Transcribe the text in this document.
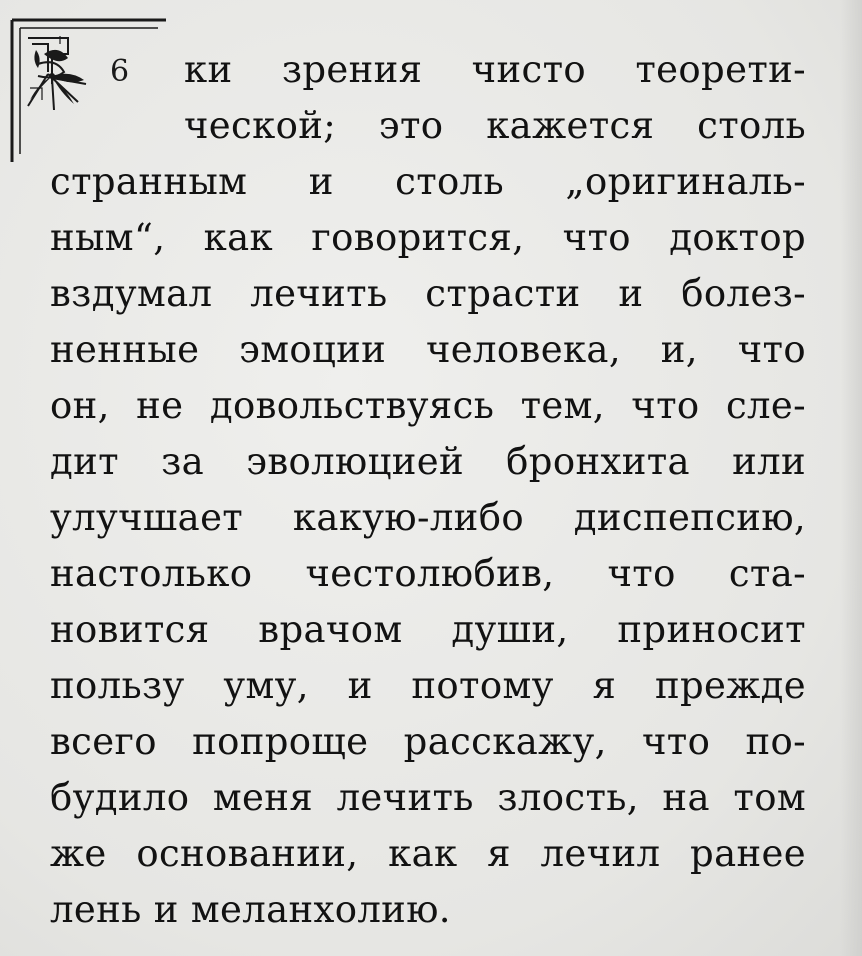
6 ки зрения чисто теорети-
ческой; это кажется столь
странным и столь „оригиналь-
ным“, как говорится, что доктор
вздумал лечить страсти и болез-
ненные эмоции человека, и, что
он, не довольствуясь тем, что сле-
дит за эволюцией бронхита или
улучшает какую-либо диспепсию,
настолько честолюбив, что ста-
новится врачом души, приносит
пользу уму, и потому я прежде
всего попроще расскажу, что по-
будило меня лечить злость, на том
же основании, как я лечил ранее
лень и меланхолию.
